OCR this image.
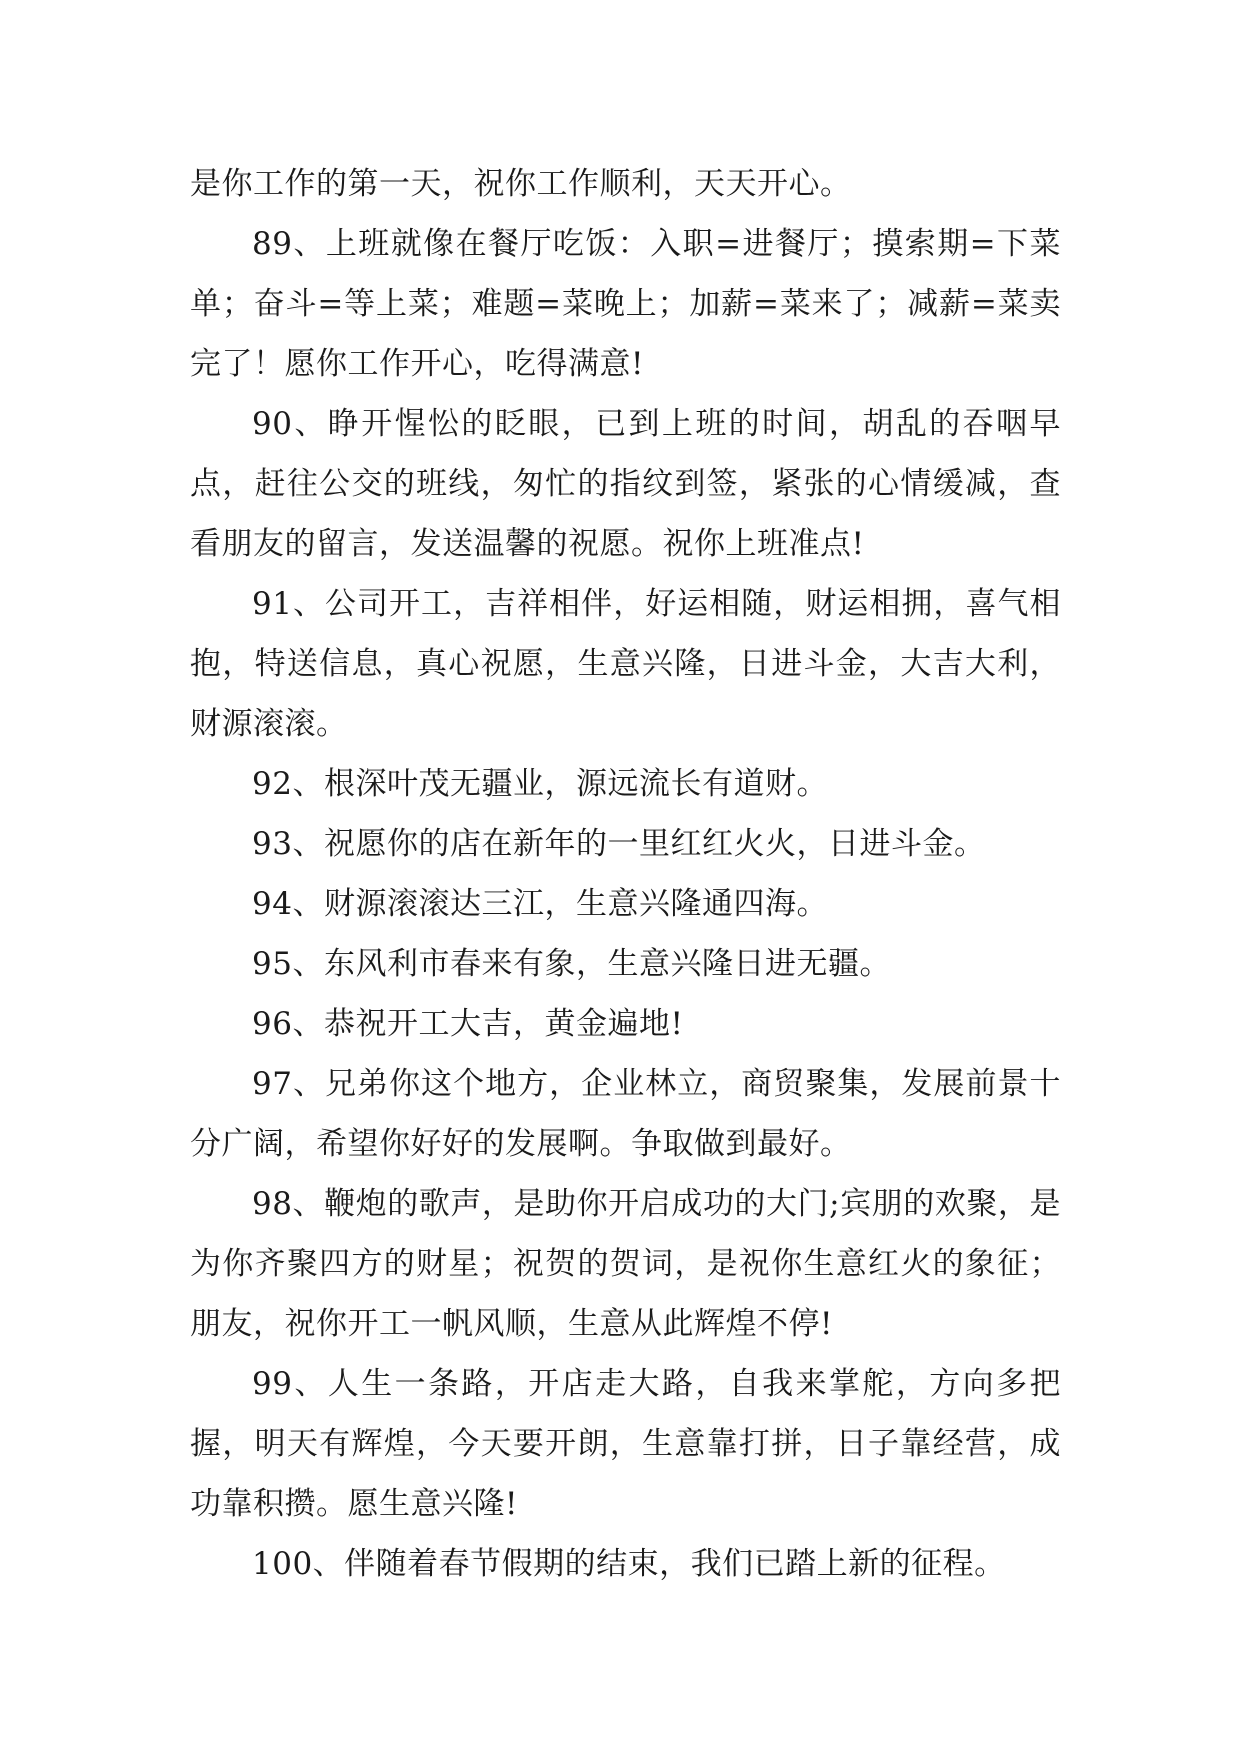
是你工作的第一天，祝你工作顺利，天天开心。

89、上班就像在餐厅吃饭：入职=进餐厅；摸索期=下菜单；奋斗=等上菜；难题=菜晚上；加薪=菜来了；减薪=菜卖完了！愿你工作开心，吃得满意!

90、睁开惺忪的眨眼，已到上班的时间，胡乱的吞咽早点，赶往公交的班线，匆忙的指纹到签，紧张的心情缓减，查看朋友的留言，发送温馨的祝愿。祝你上班准点!

91、公司开工，吉祥相伴，好运相随，财运相拥，喜气相抱，特送信息，真心祝愿，生意兴隆，日进斗金，大吉大利，财源滚滚。

92、根深叶茂无疆业，源远流长有道财。

93、祝愿你的店在新年的一里红红火火，日进斗金。

94、财源滚滚达三江，生意兴隆通四海。

95、东风利市春来有象，生意兴隆日进无疆。

96、恭祝开工大吉，黄金遍地!

97、兄弟你这个地方，企业林立，商贸聚集，发展前景十分广阔，希望你好好的发展啊。争取做到最好。

98、鞭炮的歌声，是助你开启成功的大门;宾朋的欢聚，是为你齐聚四方的财星；祝贺的贺词，是祝你生意红火的象征；朋友，祝你开工一帆风顺，生意从此辉煌不停!

99、人生一条路，开店走大路，自我来掌舵，方向多把握，明天有辉煌，今天要开朗，生意靠打拼，日子靠经营，成功靠积攒。愿生意兴隆!

100、伴随着春节假期的结束，我们已踏上新的征程。
